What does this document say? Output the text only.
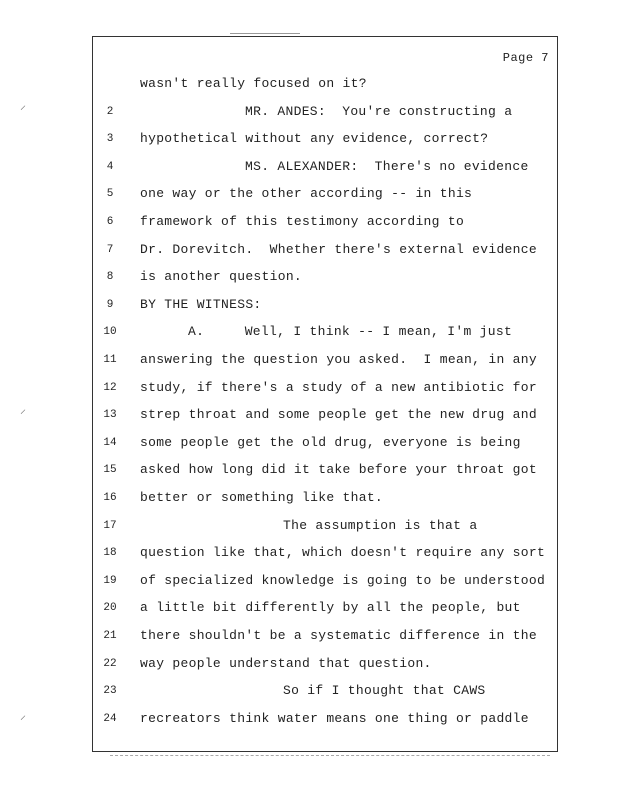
Page 7
wasn't really focused on it?
2	MR. ANDES:  You're constructing a
3	hypothetical without any evidence, correct?
4	MS. ALEXANDER:  There's no evidence
5	one way or the other according -- in this
6	framework of this testimony according to
7	Dr. Dorevitch.  Whether there's external evidence
8	is another question.
9	BY THE WITNESS:
10	A.     Well, I think -- I mean, I'm just
11	answering the question you asked.  I mean, in any
12	study, if there's a study of a new antibiotic for
13	strep throat and some people get the new drug and
14	some people get the old drug, everyone is being
15	asked how long did it take before your throat got
16	better or something like that.
17	The assumption is that a
18	question like that, which doesn't require any sort
19	of specialized knowledge is going to be understood
20	a little bit differently by all the people, but
21	there shouldn't be a systematic difference in the
22	way people understand that question.
23	So if I thought that CAWS
24	recreators think water means one thing or paddle
⸝
⸝
⸝
